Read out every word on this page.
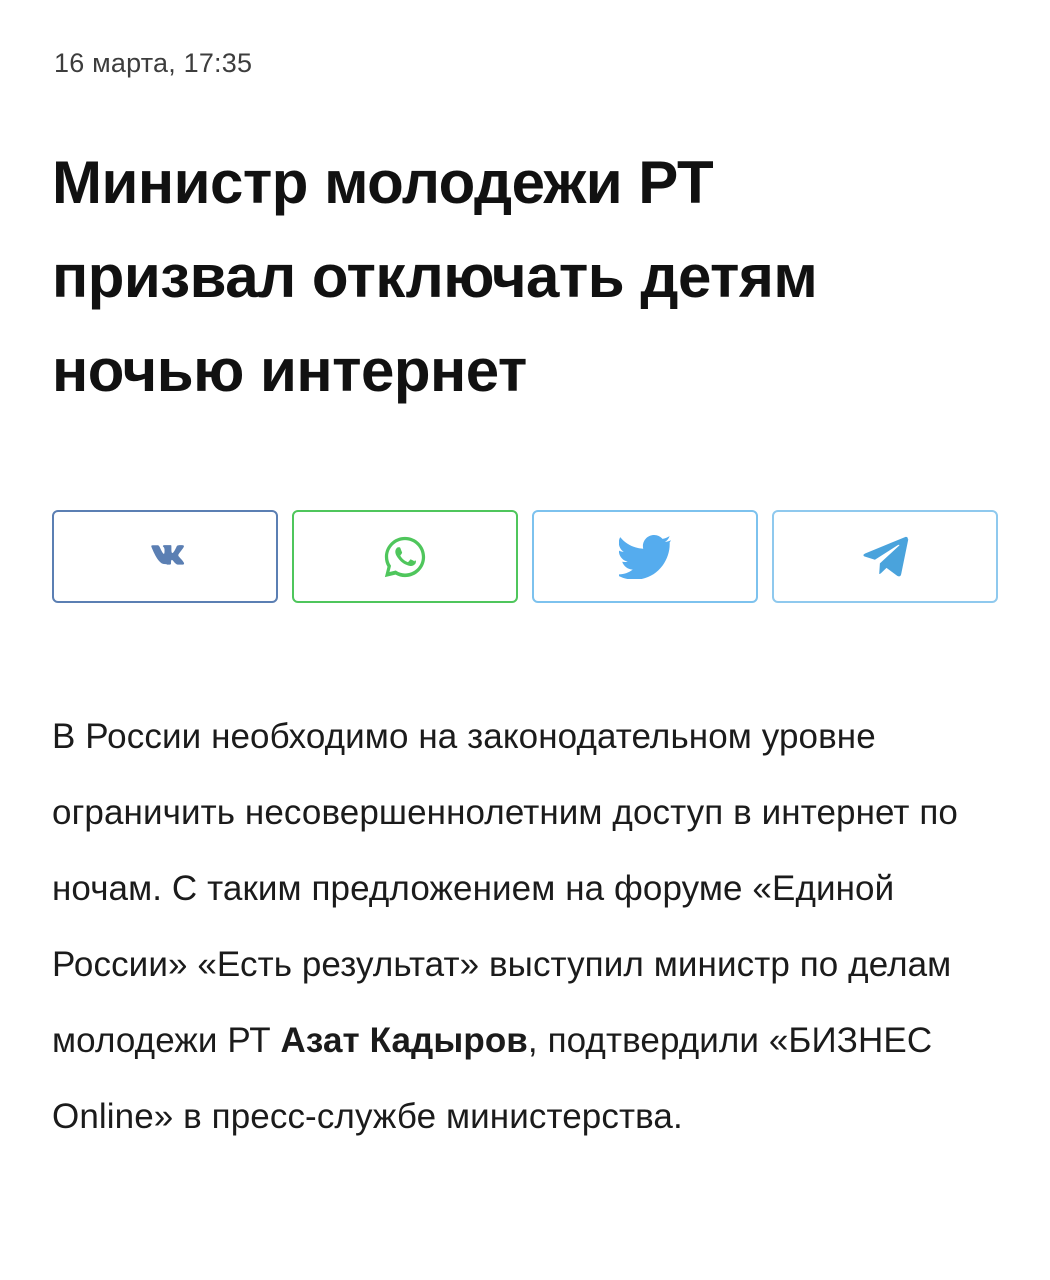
16 марта, 17:35
Министр молодежи РТ призвал отключать детям ночью интернет

В России необходимо на законодательном уровне ограничить несовершеннолетним доступ в интернет по ночам. С таким предложением на форуме «Единой России» «Есть результат» выступил министр по делам молодежи РТ Азат Кадыров, подтвердили «БИЗНЕС Online» в пресс-службе министерства.
